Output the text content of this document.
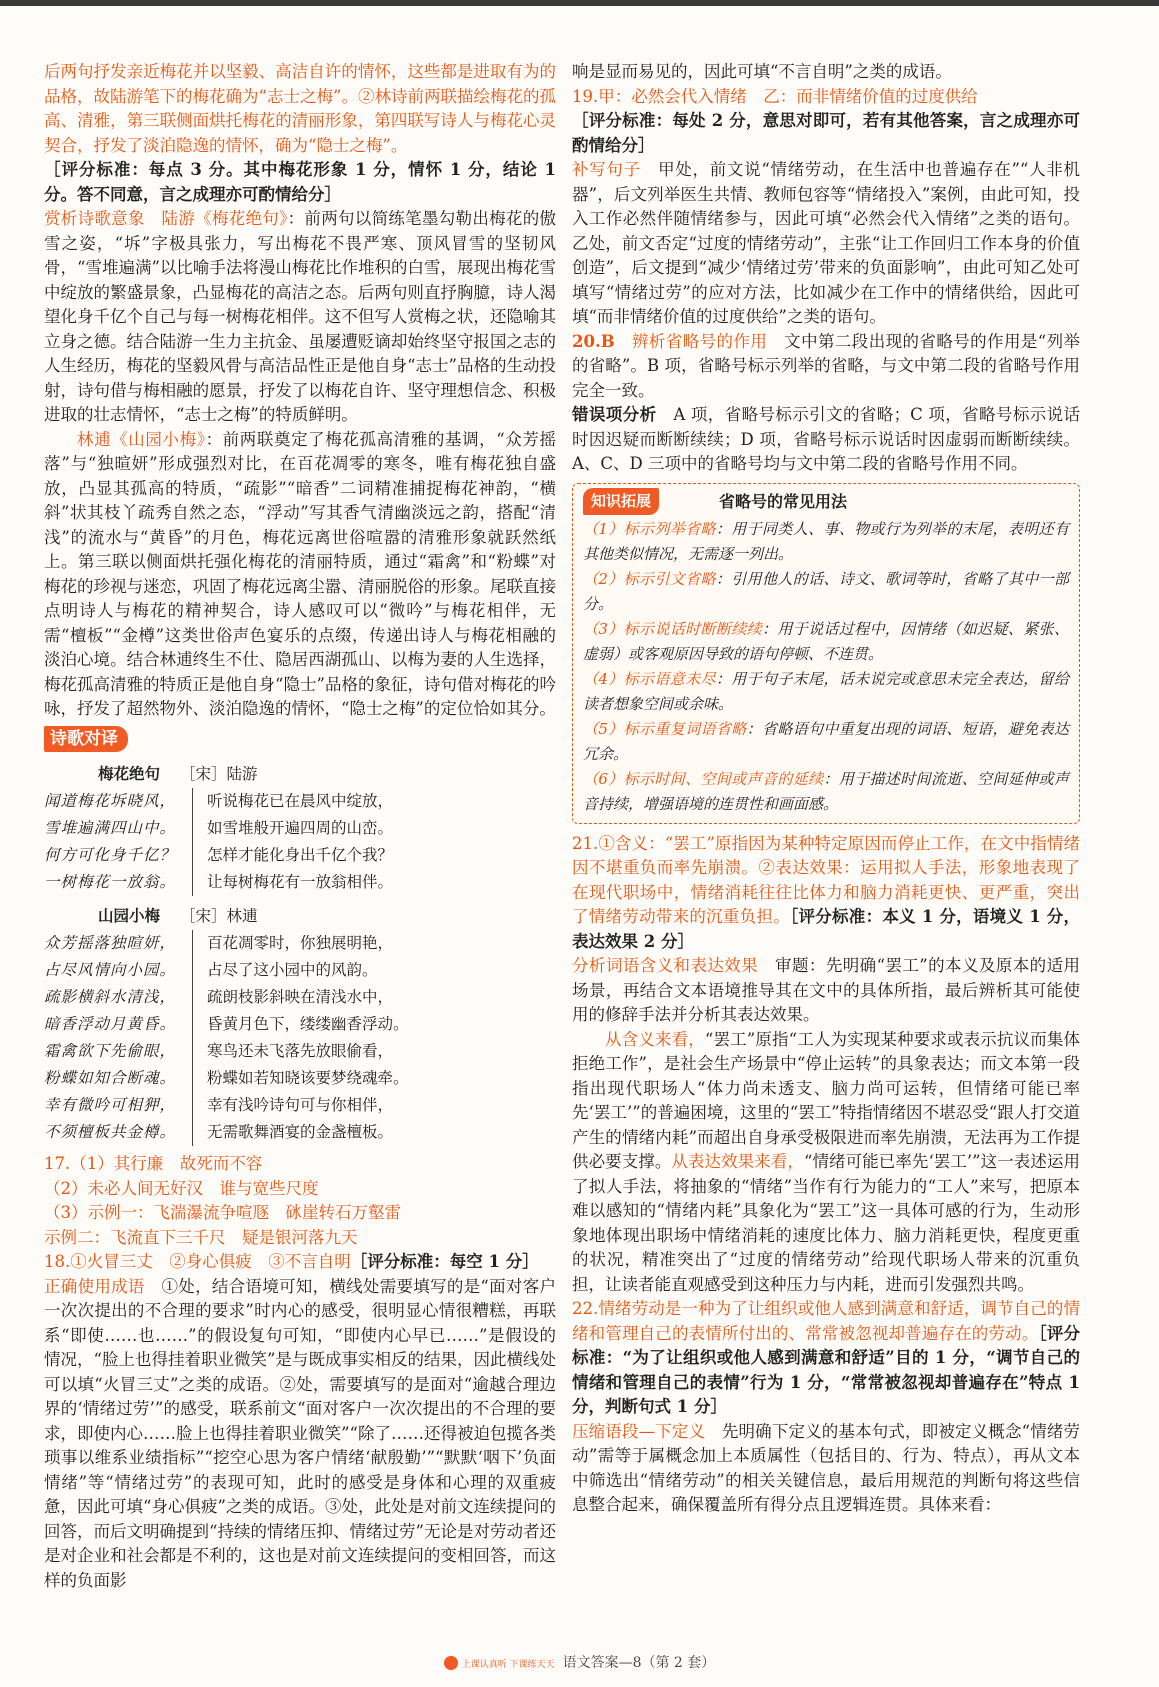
后两句抒发亲近梅花并以坚毅、高洁自许的情怀，这些都是进取有为的品格，故陆游笔下的梅花确为“志士之梅”。②林诗前两联描绘梅花的孤高、清雅，第三联侧面烘托梅花的清丽形象，第四联写诗人与梅花心灵契合，抒发了淡泊隐逸的情怀，确为“隐士之梅”。

［评分标准：每点 3 分。其中梅花形象 1 分，情怀 1 分，结论 1 分。答不同意，言之成理亦可酌情给分］

赏析诗歌意象　陆游《梅花绝句》：前两句以简练笔墨勾勒出梅花的傲雪之姿，“坼”字极具张力，写出梅花不畏严寒、顶风冒雪的坚韧风骨，“雪堆遍满”以比喻手法将漫山梅花比作堆积的白雪，展现出梅花雪中绽放的繁盛景象，凸显梅花的高洁之态。后两句则直抒胸臆，诗人渴望化身千亿个自己与每一树梅花相伴。这不但写人赏梅之状，还隐喻其立身之德。结合陆游一生力主抗金、虽屡遭贬谪却始终坚守报国之志的人生经历，梅花的坚毅风骨与高洁品性正是他自身“志士”品格的生动投射，诗句借与梅相融的愿景，抒发了以梅花自许、坚守理想信念、积极进取的壮志情怀，“志士之梅”的特质鲜明。

林逋《山园小梅》：前两联奠定了梅花孤高清雅的基调，“众芳摇落”与“独暄妍”形成强烈对比，在百花凋零的寒冬，唯有梅花独自盛放，凸显其孤高的特质，“疏影”“暗香”二词精准捕捉梅花神韵，“横斜”状其枝丫疏秀自然之态，“浮动”写其香气清幽淡远之韵，搭配“清浅”的流水与“黄昏”的月色，梅花远离世俗喧嚣的清雅形象就跃然纸上。第三联以侧面烘托强化梅花的清丽特质，通过“霜禽”和“粉蝶”对梅花的珍视与迷恋，巩固了梅花远离尘嚣、清丽脱俗的形象。尾联直接点明诗人与梅花的精神契合，诗人感叹可以“微吟”与梅花相伴，无需“檀板”“金樽”这类世俗声色宴乐的点缀，传递出诗人与梅花相融的淡泊心境。结合林逋终生不仕、隐居西湖孤山、以梅为妻的人生选择，梅花孤高清雅的特质正是他自身“隐士”品格的象征，诗句借对梅花的吟咏，抒发了超然物外、淡泊隐逸的情怀，“隐士之梅”的定位恰如其分。

诗歌对译
梅花绝句 ［宋］陆游
闻道梅花坼晓风，	听说梅花已在晨风中绽放，
雪堆遍满四山中。	如雪堆般开遍四周的山峦。
何方可化身千亿？	怎样才能化身出千亿个我？
一树梅花一放翁。	让每树梅花有一放翁相伴。
山园小梅 ［宋］林逋
众芳摇落独暄妍，	百花凋零时，你独展明艳，
占尽风情向小园。	占尽了这小园中的风韵。
疏影横斜水清浅，	疏朗枝影斜映在清浅水中，
暗香浮动月黄昏。	昏黄月色下，缕缕幽香浮动。
霜禽欲下先偷眼，	寒鸟还未飞落先放眼偷看，
粉蝶如知合断魂。	粉蝶如若知晓该要梦绕魂牵。
幸有微吟可相狎，	幸有浅吟诗句可与你相伴，
不须檀板共金樽。	无需歌舞酒宴的金盏檀板。

17.（1）其行廉　故死而不容

（2）未必人间无好汉　谁与宽些尺度

（3）示例一：飞湍瀑流争喧豗　砯崖转石万壑雷

示例二：飞流直下三千尺　疑是银河落九天

18.①火冒三丈　②身心俱疲　③不言自明［评分标准：每空 1 分］

正确使用成语　①处，结合语境可知，横线处需要填写的是“面对客户一次次提出的不合理的要求”时内心的感受，很明显心情很糟糕，再联系“即使……也……”的假设复句可知，“即使内心早已……”是假设的情况，“脸上也得挂着职业微笑”是与既成事实相反的结果，因此横线处可以填“火冒三丈”之类的成语。②处，需要填写的是面对“逾越合理边界的‘情绪过劳’”的感受，联系前文“面对客户一次次提出的不合理的要求，即使内心……脸上也得挂着职业微笑”“除了……还得被迫包揽各类琐事以维系业绩指标”“挖空心思为客户情绪‘献殷勤’”“默默‘咽下’负面情绪”等“情绪过劳”的表现可知，此时的感受是身体和心理的双重疲惫，因此可填“身心俱疲”之类的成语。③处，此处是对前文连续提问的回答，而后文明确提到“持续的情绪压抑、情绪过劳”无论是对劳动者还是对企业和社会都是不利的，这也是对前文连续提问的变相回答，而这样的负面影

响是显而易见的，因此可填“不言自明”之类的成语。

19.甲：必然会代入情绪　乙：而非情绪价值的过度供给

［评分标准：每处 2 分，意思对即可，若有其他答案，言之成理亦可酌情给分］

补写句子　甲处，前文说“情绪劳动，在生活中也普遍存在”“人非机器”，后文列举医生共情、教师包容等“情绪投入”案例，由此可知，投入工作必然伴随情绪参与，因此可填“必然会代入情绪”之类的语句。乙处，前文否定“过度的情绪劳动”，主张“让工作回归工作本身的价值创造”，后文提到“减少‘情绪过劳’带来的负面影响”，由此可知乙处可填写“情绪过劳”的应对方法，比如减少在工作中的情绪供给，因此可填“而非情绪价值的过度供给”之类的语句。

20.B　 辨析省略号的作用　文中第二段出现的省略号的作用是“列举的省略”。B 项，省略号标示列举的省略，与文中第二段的省略号作用完全一致。

错误项分析　A 项，省略号标示引文的省略；C 项，省略号标示说话时因迟疑而断断续续；D 项，省略号标示说话时因虚弱而断断续续。A、C、D 三项中的省略号均与文中第二段的省略号作用不同。

知识拓展	省略号的常见用法

（1）标示列举省略：用于同类人、事、物或行为列举的末尾，表明还有其他类似情况，无需逐一列出。

（2）标示引文省略：引用他人的话、诗文、歌词等时，省略了其中一部分。

（3）标示说话时断断续续：用于说话过程中，因情绪（如迟疑、紧张、虚弱）或客观原因导致的语句停顿、不连贯。

（4）标示语意未尽：用于句子末尾，话未说完或意思未完全表达，留给读者想象空间或余味。

（5）标示重复词语省略：省略语句中重复出现的词语、短语，避免表达冗余。

（6）标示时间、空间或声音的延续：用于描述时间流逝、空间延伸或声音持续，增强语境的连贯性和画面感。

21.①含义：“罢工”原指因为某种特定原因而停止工作，在文中指情绪因不堪重负而率先崩溃。②表达效果：运用拟人手法，形象地表现了在现代职场中，情绪消耗往往比体力和脑力消耗更快、更严重，突出了情绪劳动带来的沉重负担。［评分标准：本义 1 分，语境义 1 分，表达效果 2 分］

分析词语含义和表达效果　审题：先明确“罢工”的本义及原本的适用场景，再结合文本语境推导其在文中的具体所指，最后辨析其可能使用的修辞手法并分析其表达效果。

从含义来看，“罢工”原指“工人为实现某种要求或表示抗议而集体拒绝工作”，是社会生产场景中“停止运转”的具象表达；而文本第一段指出现代职场人“体力尚未透支、脑力尚可运转，但情绪可能已率先‘罢工’”的普遍困境，这里的“罢工”特指情绪因不堪忍受“跟人打交道产生的情绪内耗”而超出自身承受极限进而率先崩溃，无法再为工作提供必要支撑。从表达效果来看，“情绪可能已率先‘罢工’”这一表述运用了拟人手法，将抽象的“情绪”当作有行为能力的“工人”来写，把原本难以感知的“情绪内耗”具象化为“罢工”这一具体可感的行为，生动形象地体现出职场中情绪消耗的速度比体力、脑力消耗更快，程度更重的状况，精准突出了“过度的情绪劳动”给现代职场人带来的沉重负担，让读者能直观感受到这种压力与内耗，进而引发强烈共鸣。

22.情绪劳动是一种为了让组织或他人感到满意和舒适，调节自己的情绪和管理自己的表情所付出的、常常被忽视却普遍存在的劳动。［评分标准：“为了让组织或他人感到满意和舒适”目的 1 分，“调节自己的情绪和管理自己的表情”行为 1 分，“常常被忽视却普遍存在”特点 1 分，判断句式 1 分］

压缩语段—下定义　先明确下定义的基本句式，即被定义概念“情绪劳动”需等于属概念加上本质属性（包括目的、行为、特点），再从文本中筛选出“情绪劳动”的相关关键信息，最后用规范的判断句将这些信息整合起来，确保覆盖所有得分点且逻辑连贯。具体来看：

上课认真听 下课练天天 语文答案—8（第 2 套）
